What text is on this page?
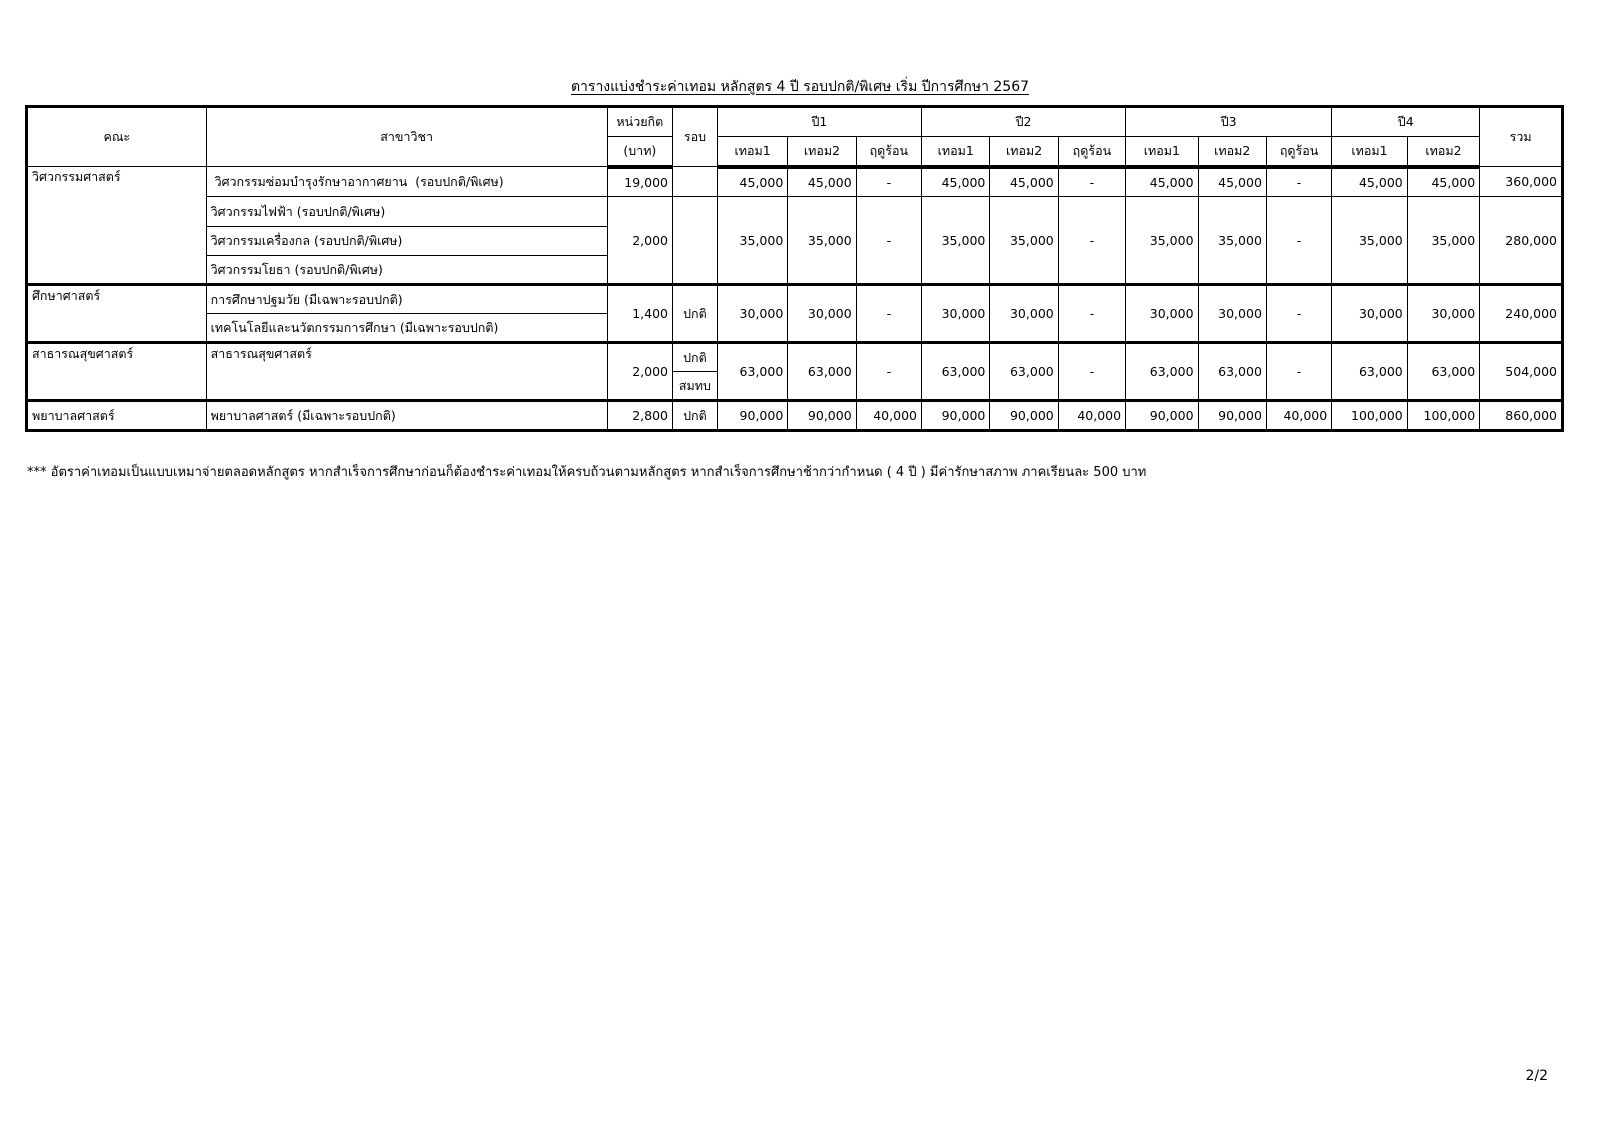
ตารางแบ่งชำระค่าเทอม หลักสูตร 4 ปี รอบปกติ/พิเศษ เริ่ม ปีการศึกษา 2567
คณะ	สาขาวิชา	หน่วยกิต	รอบ	ปี1			ปี2			ปี3			ปี4		รวม
		(บาท)		เทอม1	เทอม2	ฤดูร้อน	เทอม1	เทอม2	ฤดูร้อน	เทอม1	เทอม2	ฤดูร้อน	เทอม1	เทอม2	
วิศวกรรมศาสตร์	วิศวกรรมซ่อมบำรุงรักษาอากาศยาน  (รอบปกติ/พิเศษ)	19,000		45,000	45,000	-	45,000	45,000	-	45,000	45,000	-	45,000	45,000	360,000
	วิศวกรรมไฟฟ้า (รอบปกติ/พิเศษ)	2,000		35,000	35,000	-	35,000	35,000	-	35,000	35,000	-	35,000	35,000	280,000
	วิศวกรรมเครื่องกล (รอบปกติ/พิเศษ)														
	วิศวกรรมโยธา (รอบปกติ/พิเศษ)														
ศึกษาศาสตร์	การศึกษาปฐมวัย (มีเฉพาะรอบปกติ)	1,400	ปกติ	30,000	30,000	-	30,000	30,000	-	30,000	30,000	-	30,000	30,000	240,000
	เทคโนโลยีและนวัตกรรมการศึกษา (มีเฉพาะรอบปกติ)														
สาธารณสุขศาสตร์	สาธารณสุขศาสตร์	2,000	ปกติ	63,000	63,000	-	63,000	63,000	-	63,000	63,000	-	63,000	63,000	504,000
			สมทบ												
พยาบาลศาสตร์	พยาบาลศาสตร์ (มีเฉพาะรอบปกติ)	2,800	ปกติ	90,000	90,000	40,000	90,000	90,000	40,000	90,000	90,000	40,000	100,000	100,000	860,000
*** อัตราค่าเทอมเป็นแบบเหมาจ่ายตลอดหลักสูตร หากสำเร็จการศึกษาก่อนก็ต้องชำระค่าเทอมให้ครบถ้วนตามหลักสูตร หากสำเร็จการศึกษาช้ากว่ากำหนด ( 4 ปี ) มีค่ารักษาสภาพ ภาคเรียนละ 500 บาท
2/2
